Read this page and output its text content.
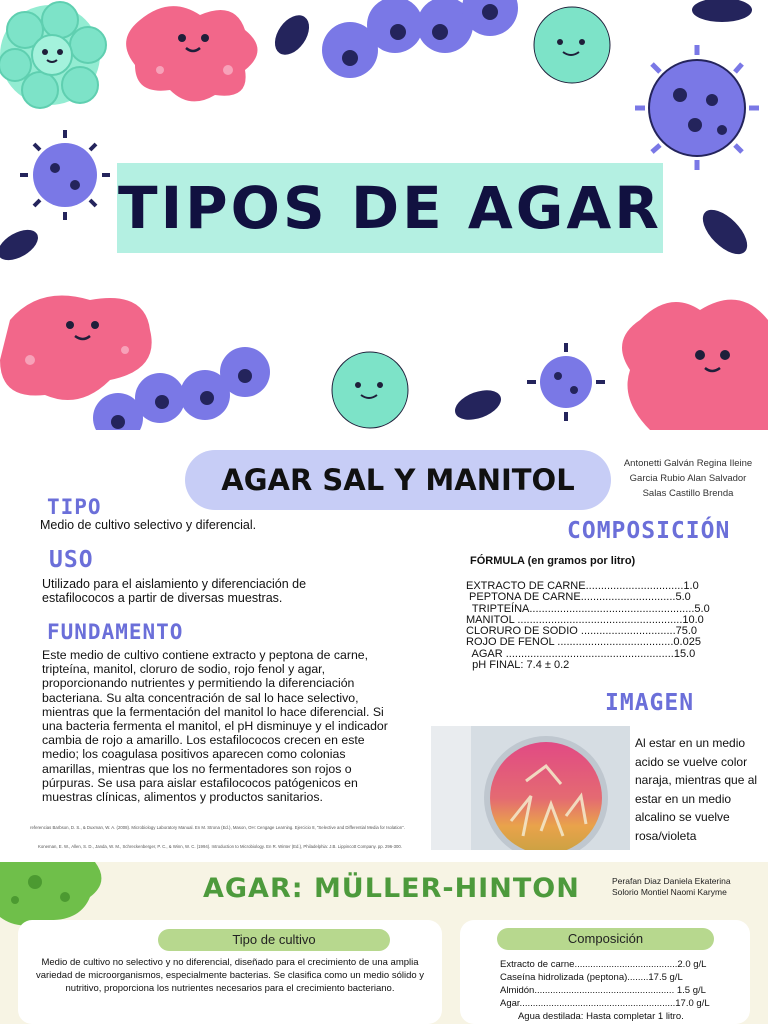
TIPOS DE AGAR
AGAR SAL Y MANITOL	Antonetti Galván Regina Ileine
Garcia Rubio Alan Salvador
Salas Castillo Brenda
TIPO
Medio de cultivo selectivo y diferencial.
USO
Utilizado para el aislamiento y diferenciación de estafilococos a partir de diversas muestras.
FUNDAMENTO
Este medio de cultivo contiene extracto y peptona de carne, tripteína, manitol, cloruro de sodio, rojo fenol y agar, proporcionando nutrientes y permitiendo la diferenciación bacteriana. Su alta concentración de sal lo hace selectivo, mientras que la fermentación del manitol lo hace diferencial. Si una bacteria fermenta el manitol, el pH disminuye y el indicador cambia de rojo a amarillo. Los estafilococos crecen en este medio; los coagulasa positivos aparecen como colonias amarillas, mientras que los no fermentadores son rojos o púrpuras. Se usa para aislar estafilococos patógenicos en muestras clínicas, alimentos y productos sanitarios.
referencias Barbson, D. S., & Duxman, W. A. (2008). Microbiology Laboratory Manual. En M. Strona (Ed.), Mason, OH: Cengage Learning. Ejercicio 8, "Selective and Differential Media for Isolation".
Koneman, E. W., Allen, S. D., Janda, W. M., Schreckenberger, P. C., & Winn, W. C. (1994). Introduction to Microbiology. En R. Winter (Ed.), Philadelphia: J.B. Lippincott Company. pp. 296-300.
COMPOSICIÓN
FÓRMULA (en gramos por litro)
EXTRACTO DE CARNE................................1.0
PEPTONA DE CARNE...............................5.0
TRIPTEÍNA......................................................5.0
MANITOL ......................................................10.0
CLORURO DE SODIO ...............................75.0
ROJO DE FENOL ......................................0.025
AGAR .......................................................15.0
pH FINAL: 7.4 ± 0.2
IMAGEN
Al estar en un medio acido se vuelve color naraja, mientras que al estar en un medio alcalino se vuelve rosa/violeta
AGAR: MÜLLER-HINTON	Perafan Diaz Daniela Ekaterina
Solorio Montiel Naomi Karyme
Tipo de cultivo
Medio de cultivo no selectivo y no diferencial, diseñado para el crecimiento de una amplia variedad de microorganismos, especialmente bacterias. Se clasifica como un medio sólido y nutritivo, proporciona los nutrientes necesarios para el crecimiento bacteriano.
Composición
Extracto de carne.......................................2.0 g/L
Caseína hidrolizada (peptona)........17.5 g/L
Almidón..................................................... 1.5 g/L
Agar...........................................................17.0 g/L
Agua destilada: Hasta completar 1 litro.
